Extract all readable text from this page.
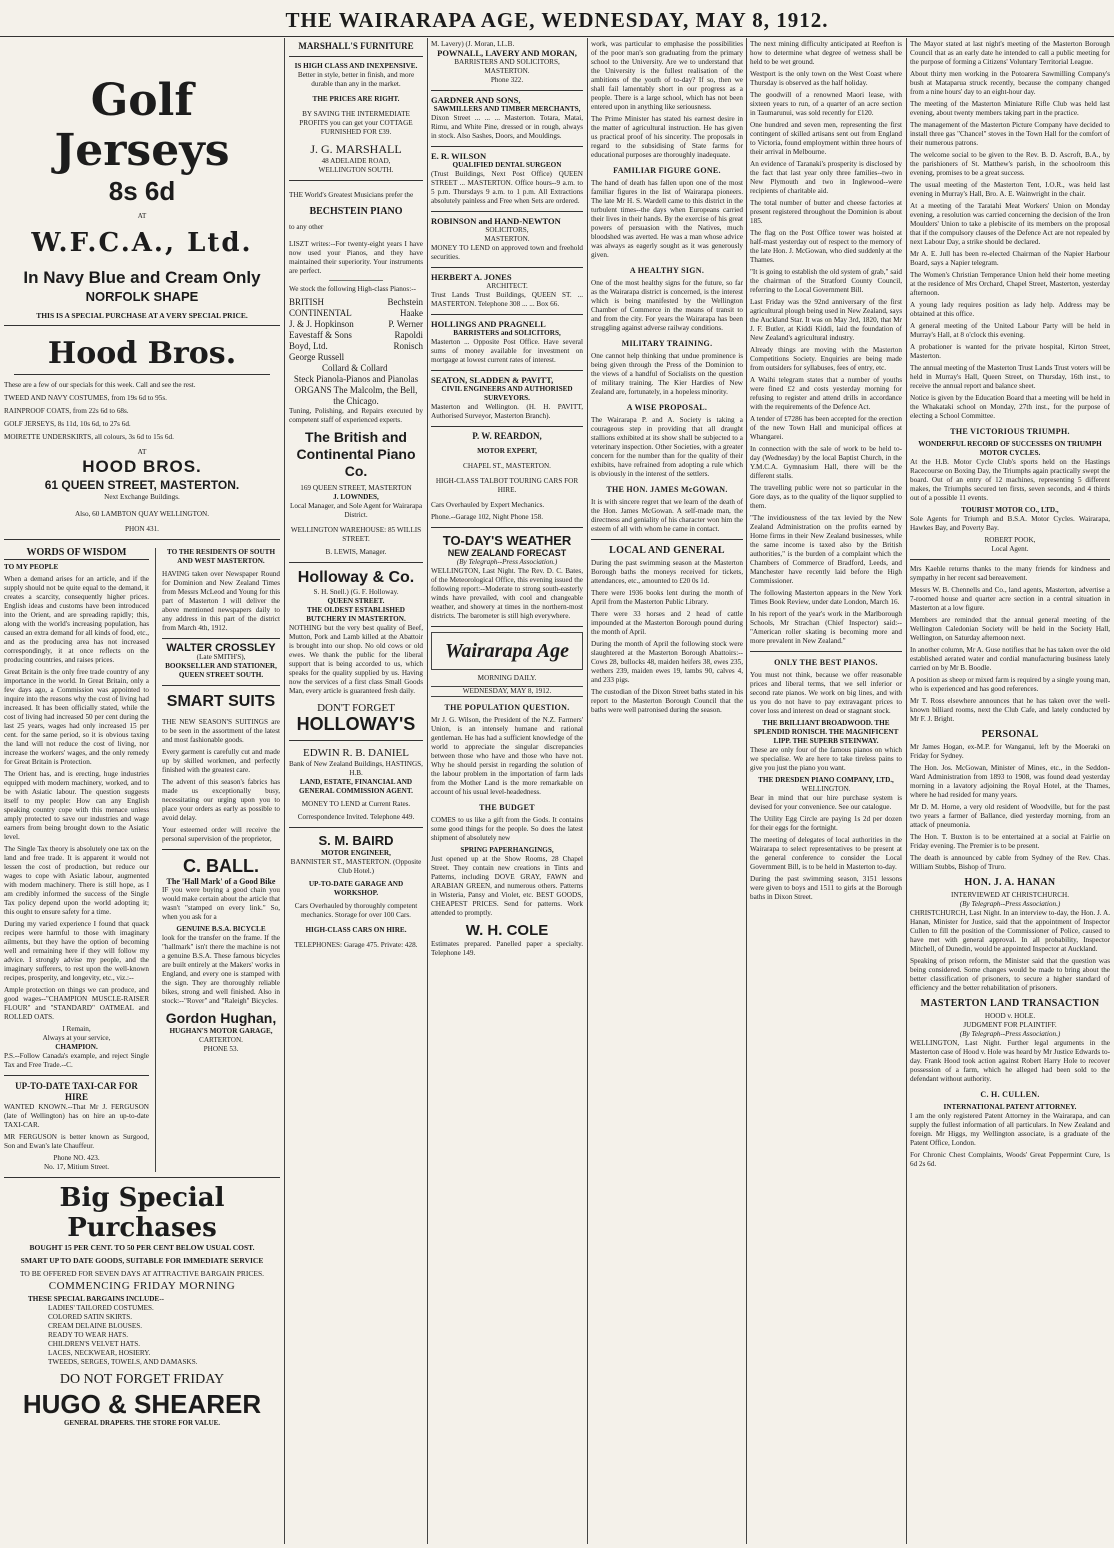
THE WAIRARAPA AGE, WEDNESDAY, MAY 8, 1912.
Golf Jerseys
8s 6d
AT
W.F.C.A., Ltd.
In Navy Blue and Cream Only
NORFOLK SHAPE
THIS IS A SPECIAL PURCHASE AT A VERY SPECIAL PRICE.
Hood Bros.

These are a few of our specials for this week. Call and see the rest.

TWEED AND NAVY COSTUMES, from 19s 6d to 95s.

RAINPROOF COATS, from 22s 6d to 68s.

GOLF JERSEYS, 8s 11d, 10s 6d, to 27s 6d.

MOIRETTE UNDERSKIRTS, all colours, 3s 6d to 15s 6d.

AT
HOOD BROS.
61 QUEEN STREET, MASTERTON.
Next Exchange Buildings.
Also, 60 LAMBTON QUAY WELLINGTON.
PHON 431.
WORDS OF WISDOM
TO MY PEOPLE

When a demand arises for an article, and if the supply should not be quite equal to the demand, it creates a scarcity, consequently higher prices. English ideas and customs have been introduced into the Orient, and are spreading rapidly; this, along with the world's increasing population, has caused an extra demand for all kinds of food, etc., and as the producing area has not increased correspondingly, it at once reflects on the producing countries, and raises prices.

Great Britain is the only free trade country of any importance in the world. In Great Britain, only a few days ago, a Commission was appointed to inquire into the reasons why the cost of living had increased. It has been officially stated, while the cost of living had increased 50 per cent during the last 25 years, wages had only increased 15 per cent. for the same period, so it is obvious taxing the land will not reduce the cost of living, nor increase the workers' wages, and the only remedy for Great Britain is Protection.

The Orient has, and is erecting, huge industries equipped with modern machinery, worked, and to be with Asiatic labour. The question suggests itself to my people: How can any English speaking country cope with this menace unless amply protected to save our industries and wage earners from being brought down to the Asiatic level.

The Single Tax theory is absolutely one tax on the land and free trade. It is apparent it would not lessen the cost of production, but reduce our wages to cope with Asiatic labour, augmented with modern machinery. There is still hope, as I am credibly informed the success of the Single Tax policy depend upon the world adopting it; this ought to ensure safety for a time.

During my varied experience I found that quack recipes were harmful to those with imaginary ailments, but they have the option of becoming well and remaining here if they will follow my advice. I strongly advise my people, and the imaginary sufferers, to rest upon the well-known recipes, prosperity, and longevity, etc., viz.:--

Ample protection on things we can produce, and good wages--"CHAMPION MUSCLE-RAISER FLOUR" and "STANDARD" OATMEAL and ROLLED OATS.

I Remain,
Always at your service,
CHAMPION.

P.S.--Follow Canada's example, and reject Single Tax and Free Trade.--C.

UP-TO-DATE TAXI-CAR FOR HIRE

WANTED KNOWN.--That Mr J. FERGUSON (late of Wellington) has on hire an up-to-date TAXI-CAR.

MR FERGUSON is better known as Surgood, Son and Ewan's late Chauffeur.

Phone NO. 423.
No. 17, Mitium Street.
TO THE RESIDENTS OF SOUTH AND WEST MASTERTON.

HAVING taken over Newspaper Round for Dominion and New Zealand Times from Messrs McLeod and Young for this part of Masterton I will deliver the above mentioned newspapers daily to any address in this part of the district from March 4th, 1912.

WALTER CROSSLEY
(Late SMITH'S),
BOOKSELLER AND STATIONER,
QUEEN STREET SOUTH.
SMART SUITS

THE NEW SEASON'S SUITINGS are to be seen in the assortment of the latest and most fashionable goods.

Every garment is carefully cut and made up by skilled workmen, and perfectly finished with the greatest care.

The advent of this season's fabrics has made us exceptionally busy, necessitating our urging upon you to place your orders as early as possible to avoid delay.

Your esteemed order will receive the personal supervision of the proprietor,

C. BALL.
The 'Hall Mark' of a Good Bike

IF you were buying a good chain you would make certain about the article that wasn't "stamped on every link." So, when you ask for a

GENUINE B.S.A. BICYCLE

look for the transfer on the frame. If the "hallmark" isn't there the machine is not a genuine B.S.A. These famous bicycles are built entirely at the Makers' works in England, and every one is stamped with the sign. They are thoroughly reliable bikes, strong and well finished. Also in stock:--"Rover" and "Raleigh" Bicycles.

Gordon Hughan,
HUGHAN'S MOTOR GARAGE,
CARTERTON.
PHONE 53.
Big Special Purchases
BOUGHT 15 PER CENT. TO 50 PER CENT BELOW USUAL COST.
SMART UP TO DATE GOODS, SUITABLE FOR IMMEDIATE SERVICE
TO BE OFFERED FOR SEVEN DAYS AT ATTRACTIVE BARGAIN PRICES.
COMMENCING FRIDAY MORNING
THESE SPECIAL BARGAINS INCLUDE--
LADIES' TAILORED COSTUMES.
COLORED SATIN SKIRTS.
CREAM DELAINE BLOUSES.
READY TO WEAR HATS.
CHILDREN'S VELVET HATS.
LACES, NECKWEAR, HOSIERY.
TWEEDS, SERGES, TOWELS, AND DAMASKS.
DO NOT FORGET FRIDAY
HUGO & SHEARER
GENERAL DRAPERS. THE STORE FOR VALUE.
MARSHALL'S FURNITURE
IS HIGH CLASS AND INEXPENSIVE.
Better in style, better in finish, and more durable than any in the market.
THE PRICES ARE RIGHT.
BY SAVING THE INTERMEDIATE PROFITS you can get your COTTAGE FURNISHED FOR £39.
J. G. MARSHALL
48 ADELAIDE ROAD,
WELLINGTON SOUTH.

THE World's Greatest Musicians prefer the

BECHSTEIN PIANO

to any other

LISZT writes:--For twenty-eight years I have now used your Pianos, and they have maintained their superiority. Your instruments are perfect.

We stock the following High-class Pianos:--

BRITISH CONTINENTAL
J. & J. Hopkinson
Eavestaff & Sons
Boyd, Ltd.
George Russell
Collard & Collard
Bechstein
Haake
P. Werner
Rapoldi
Ronisch
Steck Pianola-Pianos and Pianolas
ORGANS The Malcolm, the Bell, the Chicago.

Tuning, Polishing, and Repairs executed by competent staff of experienced experts.

The British and Continental Piano Co.
169 QUEEN STREET, MASTERTON
J. LOWNDES,
Local Manager, and Sole Agent for Wairarapa District.
WELLINGTON WAREHOUSE: 85 WILLIS STREET.
B. LEWIS, Manager.
Holloway & Co.
S. H. Snell.) (G. F. Holloway.
QUEEN STREET.
THE OLDEST ESTABLISHED BUTCHERY IN MASTERTON.

NOTHING but the very best quality of Beef, Mutton, Pork and Lamb killed at the Abattoir is brought into our shop. No old cows or old ewes. We thank the public for the liberal support that is being accorded to us, which speaks for the quality supplied by us. Having now the services of a first class Small Goods Man, every article is guaranteed fresh daily.

DON'T FORGET
HOLLOWAY'S
EDWIN R. B. DANIEL
Bank of New Zealand Buildings, HASTINGS, H.B.
LAND, ESTATE, FINANCIAL AND GENERAL COMMISSION AGENT.
MONEY TO LEND at Current Rates.
Correspondence Invited. Telephone 449.
S. M. BAIRD
MOTOR ENGINEER,
BANNISTER ST., MASTERTON. (Opposite Club Hotel.)
UP-TO-DATE GARAGE AND WORKSHOP.
Cars Overhauled by thoroughly competent mechanics. Storage for over 100 Cars.
HIGH-CLASS CARS ON HIRE.
TELEPHONES: Garage 475. Private: 428.
M. Lavery) (J. Moran, LL.B.
POWNALL, LAVERY AND MORAN,
BARRISTERS AND SOLICITORS, MASTERTON.
Phone 322.
GARDNER AND SONS,
SAWMILLERS AND TIMBER MERCHANTS,

Dixon Street ... ... ... Masterton. Totara, Matai, Rimu, and White Pine, dressed or in rough, always in stock. Also Sashes, Doors, and Mouldings.

E. R. WILSON
QUALIFIED DENTAL SURGEON

(Trust Buildings, Next Post Office) QUEEN STREET ... MASTERTON. Office hours--9 a.m. to 5 p.m. Thursdays 9 a.m. to 1 p.m. All Extractions absolutely painless and Free when Sets are ordered.

ROBINSON and HAND-NEWTON
SOLICITORS,
MASTERTON.

MONEY TO LEND on approved town and freehold securities.

HERBERT A. JONES
ARCHITECT.

Trust Lands Trust Buildings, QUEEN ST. ... MASTERTON. Telephone 308 ... ... Box 66.

HOLLINGS AND PRAGNELL
BARRISTERS and SOLICITORS,

Masterton ... Opposite Post Office. Have several sums of money available for investment on mortgage at lowest current rates of interest.

SEATON, SLADDEN & PAVITT,
CIVIL ENGINEERS AND AUTHORISED SURVEYORS.

Masterton and Wellington. (H. H. PAVITT, Authorised Surveyor, Masterton Branch).

P. W. REARDON,
MOTOR EXPERT,
CHAPEL ST., MASTERTON.
HIGH-CLASS TALBOT TOURING CARS FOR HIRE.

Cars Overhauled by Expert Mechanics.

Phone.--Garage 102, Night Phone 158.

TO-DAY'S WEATHER
NEW ZEALAND FORECAST
(By Telegraph--Press Association.)

WELLINGTON, Last Night. The Rev. D. C. Bates, of the Meteorological Office, this evening issued the following report:--Moderate to strong south-easterly winds have prevailed, with cool and changeable weather, and showery at times in the northern-most districts. The barometer is still high everywhere.

Wairarapa Age
MORNING DAILY.
WEDNESDAY, MAY 8, 1912.
THE POPULATION QUESTION.

Mr J. G. Wilson, the President of the N.Z. Farmers' Union, is an intensely humane and rational gentleman. He has had a sufficient knowledge of the world to appreciate the singular discrepancies between those who have and those who have not. Why he should persist in regarding the solution of the labour problem in the importation of farm lads from the Mother Land is the more remarkable on account of his usual level-headedness.

THE BUDGET

COMES to us like a gift from the Gods. It contains some good things for the people. So does the latest shipment of absolutely new

SPRING PAPERHANGINGS,

Just opened up at the Show Rooms, 28 Chapel Street. They contain new creations in Tints and Patterns, including DOVE GRAY, FAWN and ARABIAN GREEN, and numerous others. Patterns in Wisteria, Pansy and Violet, etc. BEST GOODS, CHEAPEST PRICES. Send for patterns. Work attended to promptly.

W. H. COLE

Estimates prepared. Panelled paper a specialty. Telephone 149.

work, was particular to emphasise the possibilities of the poor man's son graduating from the primary school to the University. Are we to understand that the University is the fullest realisation of the ambitions of the youth of to-day? If so, then we shall fail lamentably short in our progress as a people. There is a large school, which has not been entered upon in anything like seriousness.

The Prime Minister has stated his earnest desire in the matter of agricultural instruction. He has given us practical proof of his sincerity. The proposals in regard to the subsidising of State farms for educational purposes are thoroughly inadequate.

FAMILIAR FIGURE GONE.

The hand of death has fallen upon one of the most familiar figures in the list of Wairarapa pioneers. The late Mr H. S. Wardell came to this district in the turbulent times--the days when Europeans carried their lives in their hands. By the exercise of his great powers of persuasion with the Natives, much bloodshed was averted. He was a man whose advice was always as eagerly sought as it was generously given.

A HEALTHY SIGN.

One of the most healthy signs for the future, so far as the Wairarapa district is concerned, is the interest which is being manifested by the Wellington Chamber of Commerce in the means of transit to and from the city. For years the Wairarapa has been struggling against adverse railway conditions.

MILITARY TRAINING.

One cannot help thinking that undue prominence is being given through the Press of the Dominion to the views of a handful of Socialists on the question of military training. The Kier Hardies of New Zealand are, fortunately, in a hopeless minority.

A WISE PROPOSAL.

The Wairarapa P. and A. Society is taking a courageous step in providing that all draught stallions exhibited at its show shall be subjected to a veterinary inspection. Other Societies, with a greater concern for the number than for the quality of their exhibits, have refrained from adopting a rule which is obviously in the interest of the settlers.

THE HON. JAMES McGOWAN.

It is with sincere regret that we learn of the death of the Hon. James McGowan. A self-made man, the directness and geniality of his character won him the esteem of all with whom he came in contact.

LOCAL AND GENERAL

During the past swimming season at the Masterton Borough baths the moneys received for tickets, attendances, etc., amounted to £20 0s 1d.

There were 1936 books lent during the month of April from the Masterton Public Library.

There were 33 horses and 2 head of cattle impounded at the Masterton Borough pound during the month of April.

During the month of April the following stock were slaughtered at the Masterton Borough Abattoirs:--Cows 28, bullocks 48, maiden heifers 38, ewes 235, wethers 239, maiden ewes 19, lambs 90, calves 4, and 233 pigs.

The custodian of the Dixon Street baths stated in his report to the Masterton Borough Council that the baths were well patronised during the season.

The next mining difficulty anticipated at Reefton is how to determine what degree of wetness shall be held to be wet ground.

Westport is the only town on the West Coast where Thursday is observed as the half holiday.

The goodwill of a renowned Maori lease, with sixteen years to run, of a quarter of an acre section in Taumarunui, was sold recently for £120.

One hundred and seven men, representing the first contingent of skilled artisans sent out from England to Victoria, found employment within three hours of their arrival in Melbourne.

An evidence of Taranaki's prosperity is disclosed by the fact that last year only three families--two in New Plymouth and two in Inglewood--were recipients of charitable aid.

The total number of butter and cheese factories at present registered throughout the Dominion is about 185.

The flag on the Post Office tower was hoisted at half-mast yesterday out of respect to the memory of the late Hon. J. McGowan, who died suddenly at the Thames.

"It is going to establish the old system of grab," said the chairman of the Stratford County Council, referring to the Local Government Bill.

Last Friday was the 92nd anniversary of the first agricultural plough being used in New Zealand, says the Auckland Star. It was on May 3rd, 1820, that Mr J. F. Butler, at Kiddi Kiddi, laid the foundation of New Zealand's agricultural industry.

Already things are moving with the Masterton Competitions Society. Enquiries are being made from outsiders for syllabuses, fees of entry, etc.

A Waihi telegram states that a number of youths were fined £2 and costs yesterday morning for refusing to register and attend drills in accordance with the requirements of the Defence Act.

A tender of £7286 has been accepted for the erection of the new Town Hall and municipal offices at Whangarei.

In connection with the sale of work to be held to-day (Wednesday) by the local Baptist Church, in the Y.M.C.A. Gymnasium Hall, there will be the different stalls.

The travelling public were not so particular in the Gore days, as to the quality of the liquor supplied to them.

"The invidiousness of the tax levied by the New Zealand Administration on the profits earned by Home firms in their New Zealand businesses, while the same income is taxed also by the British authorities," is the burden of a complaint which the Chambers of Commerce of Bradford, Leeds, and Manchester have recently laid before the High Commissioner.

The following Masterton appears in the New York Times Book Review, under date London, March 16.

In his report of the year's work in the Marlborough Schools, Mr Strachan (Chief Inspector) said:--"American roller skating is becoming more and more prevalent in New Zealand."

ONLY THE BEST PIANOS.

You must not think, because we offer reasonable prices and liberal terms, that we sell inferior or second rate pianos. We work on big lines, and with us you do not have to pay extravagant prices to cover loss and interest on dead or stagnant stock.

THE BRILLIANT BROADWOOD. THE SPLENDID RONISCH. THE MAGNIFICENT LIPP. THE SUPERB STEINWAY.

These are only four of the famous pianos on which we specialise. We are here to take tireless pains to give you just the piano you want.

THE DRESDEN PIANO COMPANY, LTD.,
WELLINGTON.

Bear in mind that our hire purchase system is devised for your convenience. See our catalogue.

The Utility Egg Circle are paying 1s 2d per dozen for their eggs for the fortnight.

The meeting of delegates of local authorities in the Wairarapa to select representatives to be present at the general conference to consider the Local Government Bill, is to be held in Masterton to-day.

During the past swimming season, 3151 lessons were given to boys and 1511 to girls at the Borough baths in Dixon Street.

The Mayor stated at last night's meeting of the Masterton Borough Council that as an early date he intended to call a public meeting for the purpose of forming a Citizens' Voluntary Territorial League.

About thirty men working in the Potoarera Sawmilling Company's bush at Mataparua struck recently, because the company changed from a nine hours' day to an eight-hour day.

The meeting of the Masterton Miniature Rifle Club was held last evening, about twenty members taking part in the practice.

The management of the Masterton Picture Company have decided to install three gas "Chancel" stoves in the Town Hall for the comfort of their numerous patrons.

The welcome social to be given to the Rev. B. D. Ascroft, B.A., by the parishioners of St. Matthew's parish, in the schoolroom this evening, promises to be a great success.

The usual meeting of the Masterton Tent, I.O.R., was held last evening in Murray's Hall, Bro. A. E. Wainwright in the chair.

At a meeting of the Taratahi Meat Workers' Union on Monday evening, a resolution was carried concerning the decision of the Iron Moulders' Union to take a plebiscite of its members on the proposal that if the compulsory clauses of the Defence Act are not repealed by next Labour Day, a strike should be declared.

Mr A. E. Jull has been re-elected Chairman of the Napier Harbour Board, says a Napier telegram.

The Women's Christian Temperance Union held their home meeting at the residence of Mrs Orchard, Chapel Street, Masterton, yesterday afternoon.

A young lady requires position as lady help. Address may be obtained at this office.

A general meeting of the United Labour Party will be held in Murray's Hall, at 8 o'clock this evening.

A probationer is wanted for the private hospital, Kirton Street, Masterton.

The annual meeting of the Masterton Trust Lands Trust voters will be held in Murray's Hall, Queen Street, on Thursday, 16th inst., to receive the annual report and balance sheet.

Notice is given by the Education Board that a meeting will be held in the Whakataki school on Monday, 27th inst., for the purpose of electing a School Committee.

THE VICTORIOUS TRIUMPH.
WONDERFUL RECORD OF SUCCESSES ON TRIUMPH MOTOR CYCLES.

At the H.B. Motor Cycle Club's sports held on the Hastings Racecourse on Boxing Day, the Triumphs again practically swept the board. Out of an entry of 12 machines, representing 5 different makes, the Triumphs secured ten firsts, seven seconds, and 4 thirds out of a possible 11 events.

TOURIST MOTOR CO., LTD.,

Sole Agents for Triumph and B.S.A. Motor Cycles. Wairarapa, Hawkes Bay, and Poverty Bay.

ROBERT POOK,
Local Agent.

Mrs Kaehle returns thanks to the many friends for kindness and sympathy in her recent sad bereavement.

Messrs W. B. Chennells and Co., land agents, Masterton, advertise a 7-roomed house and quarter acre section in a central situation in Masterton at a low figure.

Members are reminded that the annual general meeting of the Wellington Caledonian Society will be held in the Society Hall, Wellington, on Saturday afternoon next.

In another column, Mr A. Guse notifies that he has taken over the old established aerated water and cordial manufacturing business lately carried on by Mr B. Boodle.

A position as sheep or mixed farm is required by a single young man, who is experienced and has good references.

Mr T. Ross elsewhere announces that he has taken over the well-known billiard rooms, next the Club Cafe, and lately conducted by Mr F. J. Bright.

PERSONAL

Mr James Hogan, ex-M.P. for Wanganui, left by the Moeraki on Friday for Sydney.

The Hon. Jos. McGowan, Minister of Mines, etc., in the Seddon-Ward Administration from 1893 to 1908, was found dead yesterday morning in a lavatory adjoining the Royal Hotel, at the Thames, where he had resided for many years.

Mr D. M. Horne, a very old resident of Woodville, but for the past two years a farmer of Ballance, died yesterday morning, from an attack of pneumonia.

The Hon. T. Buxton is to be entertained at a social at Fairlie on Friday evening. The Premier is to be present.

The death is announced by cable from Sydney of the Rev. Chas. William Stubbs, Bishop of Truro.

HON. J. A. HANAN
INTERVIEWED AT CHRISTCHURCH.
(By Telegraph--Press Association.)

CHRISTCHURCH, Last Night. In an interview to-day, the Hon. J. A. Hanan, Minister for Justice, said that the appointment of Inspector Cullen to fill the position of the Commissioner of Police, caused to have met with general approval. In all probability, Inspector Mitchell, of Dunedin, would be appointed Inspector at Auckland.

Speaking of prison reform, the Minister said that the question was being considered. Some changes would be made to bring about the better classification of prisoners, to secure a higher standard of efficiency and the better rehabilitation of prisoners.

MASTERTON LAND TRANSACTION
HOOD v. HOLE.
JUDGMENT FOR PLAINTIFF.
(By Telegraph--Press Association.)

WELLINGTON, Last Night. Further legal arguments in the Masterton case of Hood v. Hole was heard by Mr Justice Edwards to-day. Frank Hood took action against Robert Harry Hole to recover possession of a farm, which he alleged had been sold to the defendant without authority.

C. H. CULLEN.
INTERNATIONAL PATENT ATTORNEY.

I am the only registered Patent Attorney in the Wairarapa, and can supply the fullest information of all particulars. In New Zealand and foreign. Mr Higgs, my Wellington associate, is a graduate of the Patent Office, London.

For Chronic Chest Complaints, Woods' Great Peppermint Cure, 1s 6d 2s 6d.
